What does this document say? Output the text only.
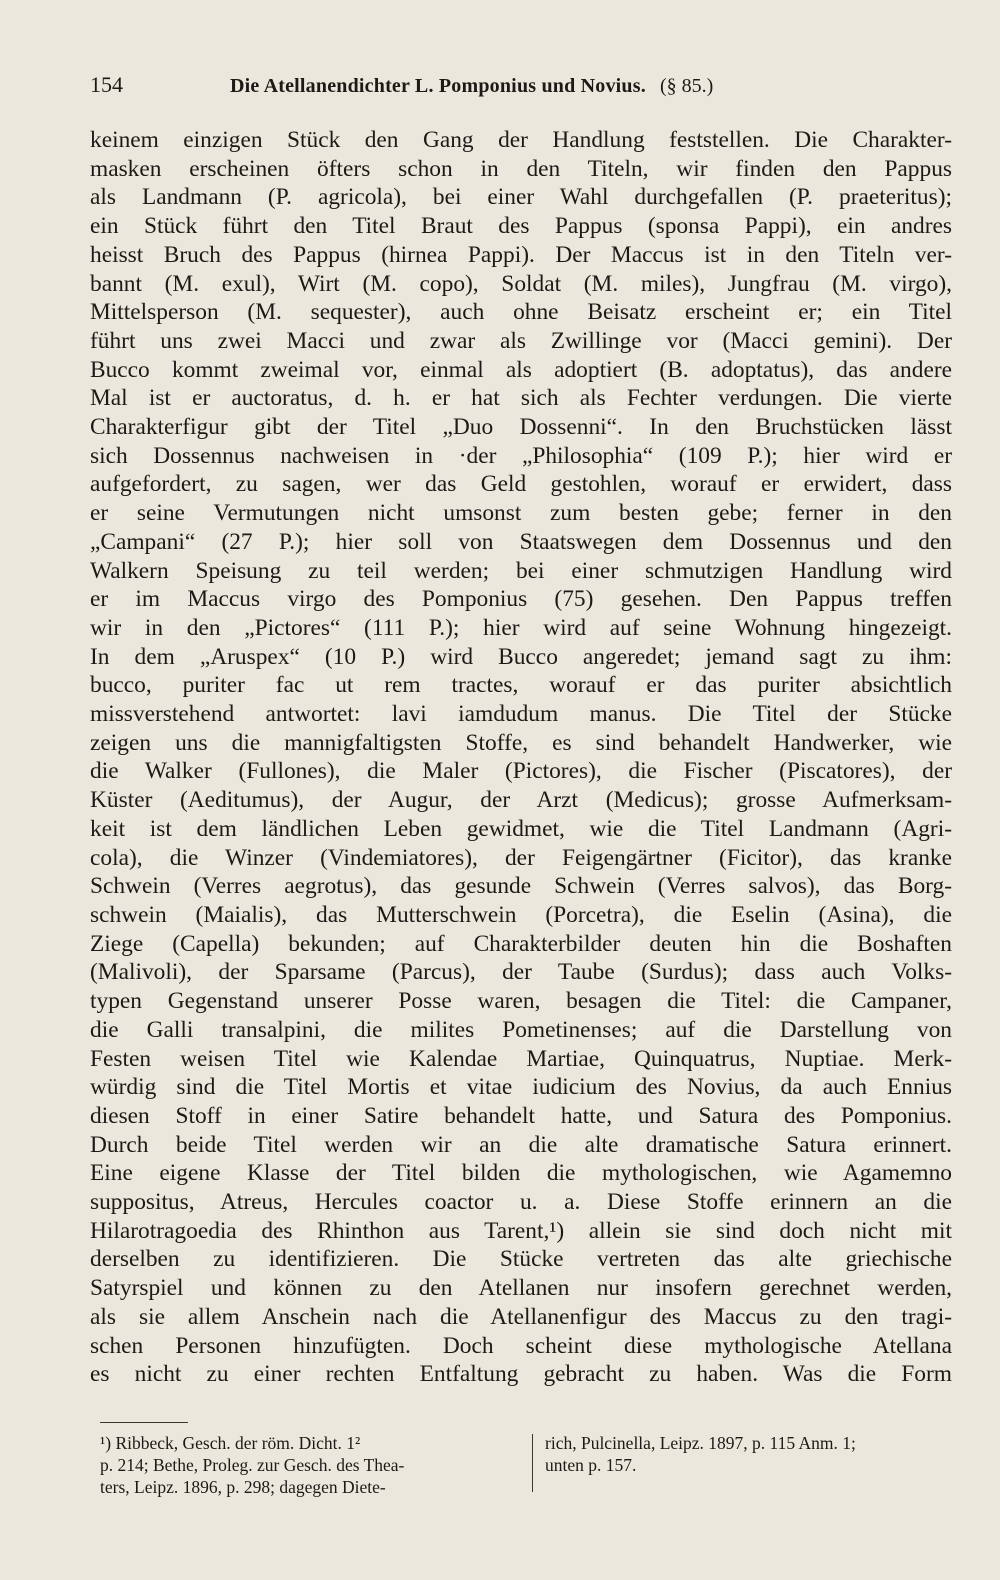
154	Die Atellanendichter L. Pomponius und Novius. (§ 85.)
keinem einzigen Stück den Gang der Handlung feststellen. Die Charakter-
masken erscheinen öfters schon in den Titeln, wir finden den Pappus
als Landmann (P. agricola), bei einer Wahl durchgefallen (P. praeteritus);
ein Stück führt den Titel Braut des Pappus (sponsa Pappi), ein andres
heisst Bruch des Pappus (hirnea Pappi). Der Maccus ist in den Titeln ver-
bannt (M. exul), Wirt (M. copo), Soldat (M. miles), Jungfrau (M. virgo),
Mittelsperson (M. sequester), auch ohne Beisatz erscheint er; ein Titel
führt uns zwei Macci und zwar als Zwillinge vor (Macci gemini). Der
Bucco kommt zweimal vor, einmal als adoptiert (B. adoptatus), das andere
Mal ist er auctoratus, d. h. er hat sich als Fechter verdungen. Die vierte
Charakterfigur gibt der Titel „Duo Dossenni“. In den Bruchstücken lässt
sich Dossennus nachweisen in ·der „Philosophia“ (109 P.); hier wird er
aufgefordert, zu sagen, wer das Geld gestohlen, worauf er erwidert, dass
er seine Vermutungen nicht umsonst zum besten gebe; ferner in den
„Campani“ (27 P.); hier soll von Staatswegen dem Dossennus und den
Walkern Speisung zu teil werden; bei einer schmutzigen Handlung wird
er im Maccus virgo des Pomponius (75) gesehen. Den Pappus treffen
wir in den „Pictores“ (111 P.); hier wird auf seine Wohnung hingezeigt.
In dem „Aruspex“ (10 P.) wird Bucco angeredet; jemand sagt zu ihm:
bucco, puriter fac ut rem tractes, worauf er das puriter absichtlich
missverstehend antwortet: lavi iamdudum manus. Die Titel der Stücke
zeigen uns die mannigfaltigsten Stoffe, es sind behandelt Handwerker, wie
die Walker (Fullones), die Maler (Pictores), die Fischer (Piscatores), der
Küster (Aeditumus), der Augur, der Arzt (Medicus); grosse Aufmerksam-
keit ist dem ländlichen Leben gewidmet, wie die Titel Landmann (Agri-
cola), die Winzer (Vindemiatores), der Feigengärtner (Ficitor), das kranke
Schwein (Verres aegrotus), das gesunde Schwein (Verres salvos), das Borg-
schwein (Maialis), das Mutterschwein (Porcetra), die Eselin (Asina), die
Ziege (Capella) bekunden; auf Charakterbilder deuten hin die Boshaften
(Malivoli), der Sparsame (Parcus), der Taube (Surdus); dass auch Volks-
typen Gegenstand unserer Posse waren, besagen die Titel: die Campaner,
die Galli transalpini, die milites Pometinenses; auf die Darstellung von
Festen weisen Titel wie Kalendae Martiae, Quinquatrus, Nuptiae. Merk-
würdig sind die Titel Mortis et vitae iudicium des Novius, da auch Ennius
diesen Stoff in einer Satire behandelt hatte, und Satura des Pomponius.
Durch beide Titel werden wir an die alte dramatische Satura erinnert.
Eine eigene Klasse der Titel bilden die mythologischen, wie Agamemno
suppositus, Atreus, Hercules coactor u. a. Diese Stoffe erinnern an die
Hilarotragoedia des Rhinthon aus Tarent,¹) allein sie sind doch nicht mit
derselben zu identifizieren. Die Stücke vertreten das alte griechische
Satyrspiel und können zu den Atellanen nur insofern gerechnet werden,
als sie allem Anschein nach die Atellanenfigur des Maccus zu den tragi-
schen Personen hinzufügten. Doch scheint diese mythologische Atellana
es nicht zu einer rechten Entfaltung gebracht zu haben. Was die Form
¹) Ribbeck, Gesch. der röm. Dicht. 1²
p. 214; Bethe, Proleg. zur Gesch. des Thea-
ters, Leipz. 1896, p. 298; dagegen Diete-
rich, Pulcinella, Leipz. 1897, p. 115 Anm. 1;
unten p. 157.
